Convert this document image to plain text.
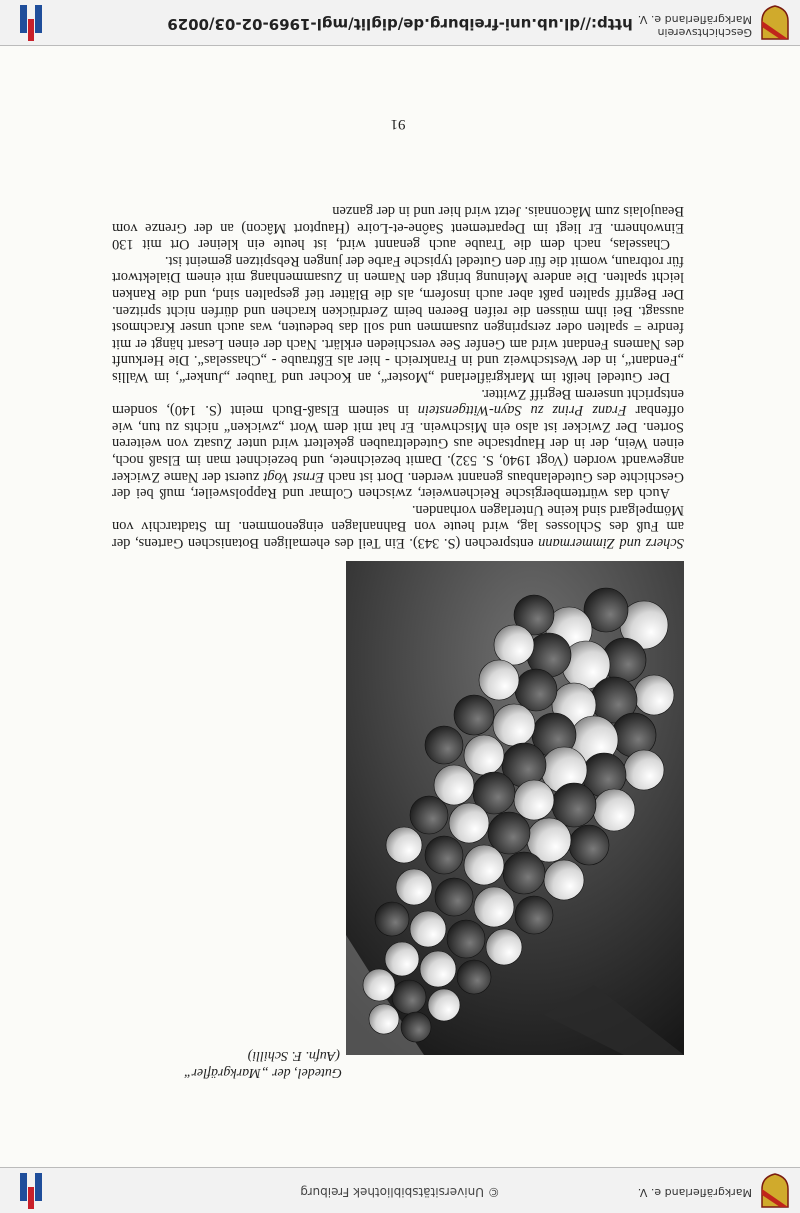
Markgräflerland e. V.
© Universitätsbibliothek Freiburg
Gutedel, der „Markgräfler“
(Aufn. F. Schilli)

Scherz und Zimmermann entsprechen (S. 343). Ein Teil des ehemaligen Botanischen Gartens, der am Fuß des Schlosses lag, wird heute von Bahnanlagen eingenommen. Im Stadtarchiv von Mömpelgard sind keine Unterlagen vorhanden.

Auch das württembergische Reichenweier, zwischen Colmar und Rappolsweiler, muß bei der Geschichte des Gutedelanbaus genannt werden. Dort ist nach Ernst Vogt zuerst der Name Zwicker angewandt worden (Vogt 1940, S. 532). Damit bezeichnete, und bezeichnet man im Elsaß noch, einen Wein, der in der Hauptsache aus Gutedeltrauben gekeltert wird unter Zusatz von weiteren Sorten. Der Zwicker ist also ein Mischwein. Er hat mit dem Wort „zwicken“ nichts zu tun, wie offenbar Franz Prinz zu Sayn-Wittgenstein in seinem Elsaß-Buch meint (S. 140), sondern entspricht unserem Begriff Zwitter.

Der Gutedel heißt im Markgräflerland „Moster“, an Kocher und Tauber „Junker“, im Wallis „Fendant“, in der Westschweiz und in Frankreich - hier als Eßtraube - „Chasselas“. Die Herkunft des Namens Fendant wird am Genfer See verschieden erklärt. Nach der einen Lesart hängt er mit fendre = spalten oder zerspringen zusammen und soll das bedeuten, was auch unser Krachmost aussagt. Bei ihm müssen die reifen Beeren beim Zerdrücken krachen und dürfen nicht spritzen. Der Begriff spalten paßt aber auch insofern, als die Blätter tief gespalten sind, und die Ranken leicht spalten. Die andere Meinung bringt den Namen in Zusammenhang mit einem Dialektwort für rotbraun, womit die für den Gutedel typische Farbe der jungen Rebspitzen gemeint ist.

Chasselas, nach dem die Traube auch genannt wird, ist heute ein kleiner Ort mit 130 Einwohnern. Er liegt im Departement Saône-et-Loire (Hauptort Mâcon) an der Grenze vom Beaujolais zum Mâconnais. Jetzt wird hier und in der ganzen

91
Geschichtsverein
Markgräflerland e. V.
http://dl.ub.uni-freiburg.de/diglit/mgl-1969-02-03/0029
